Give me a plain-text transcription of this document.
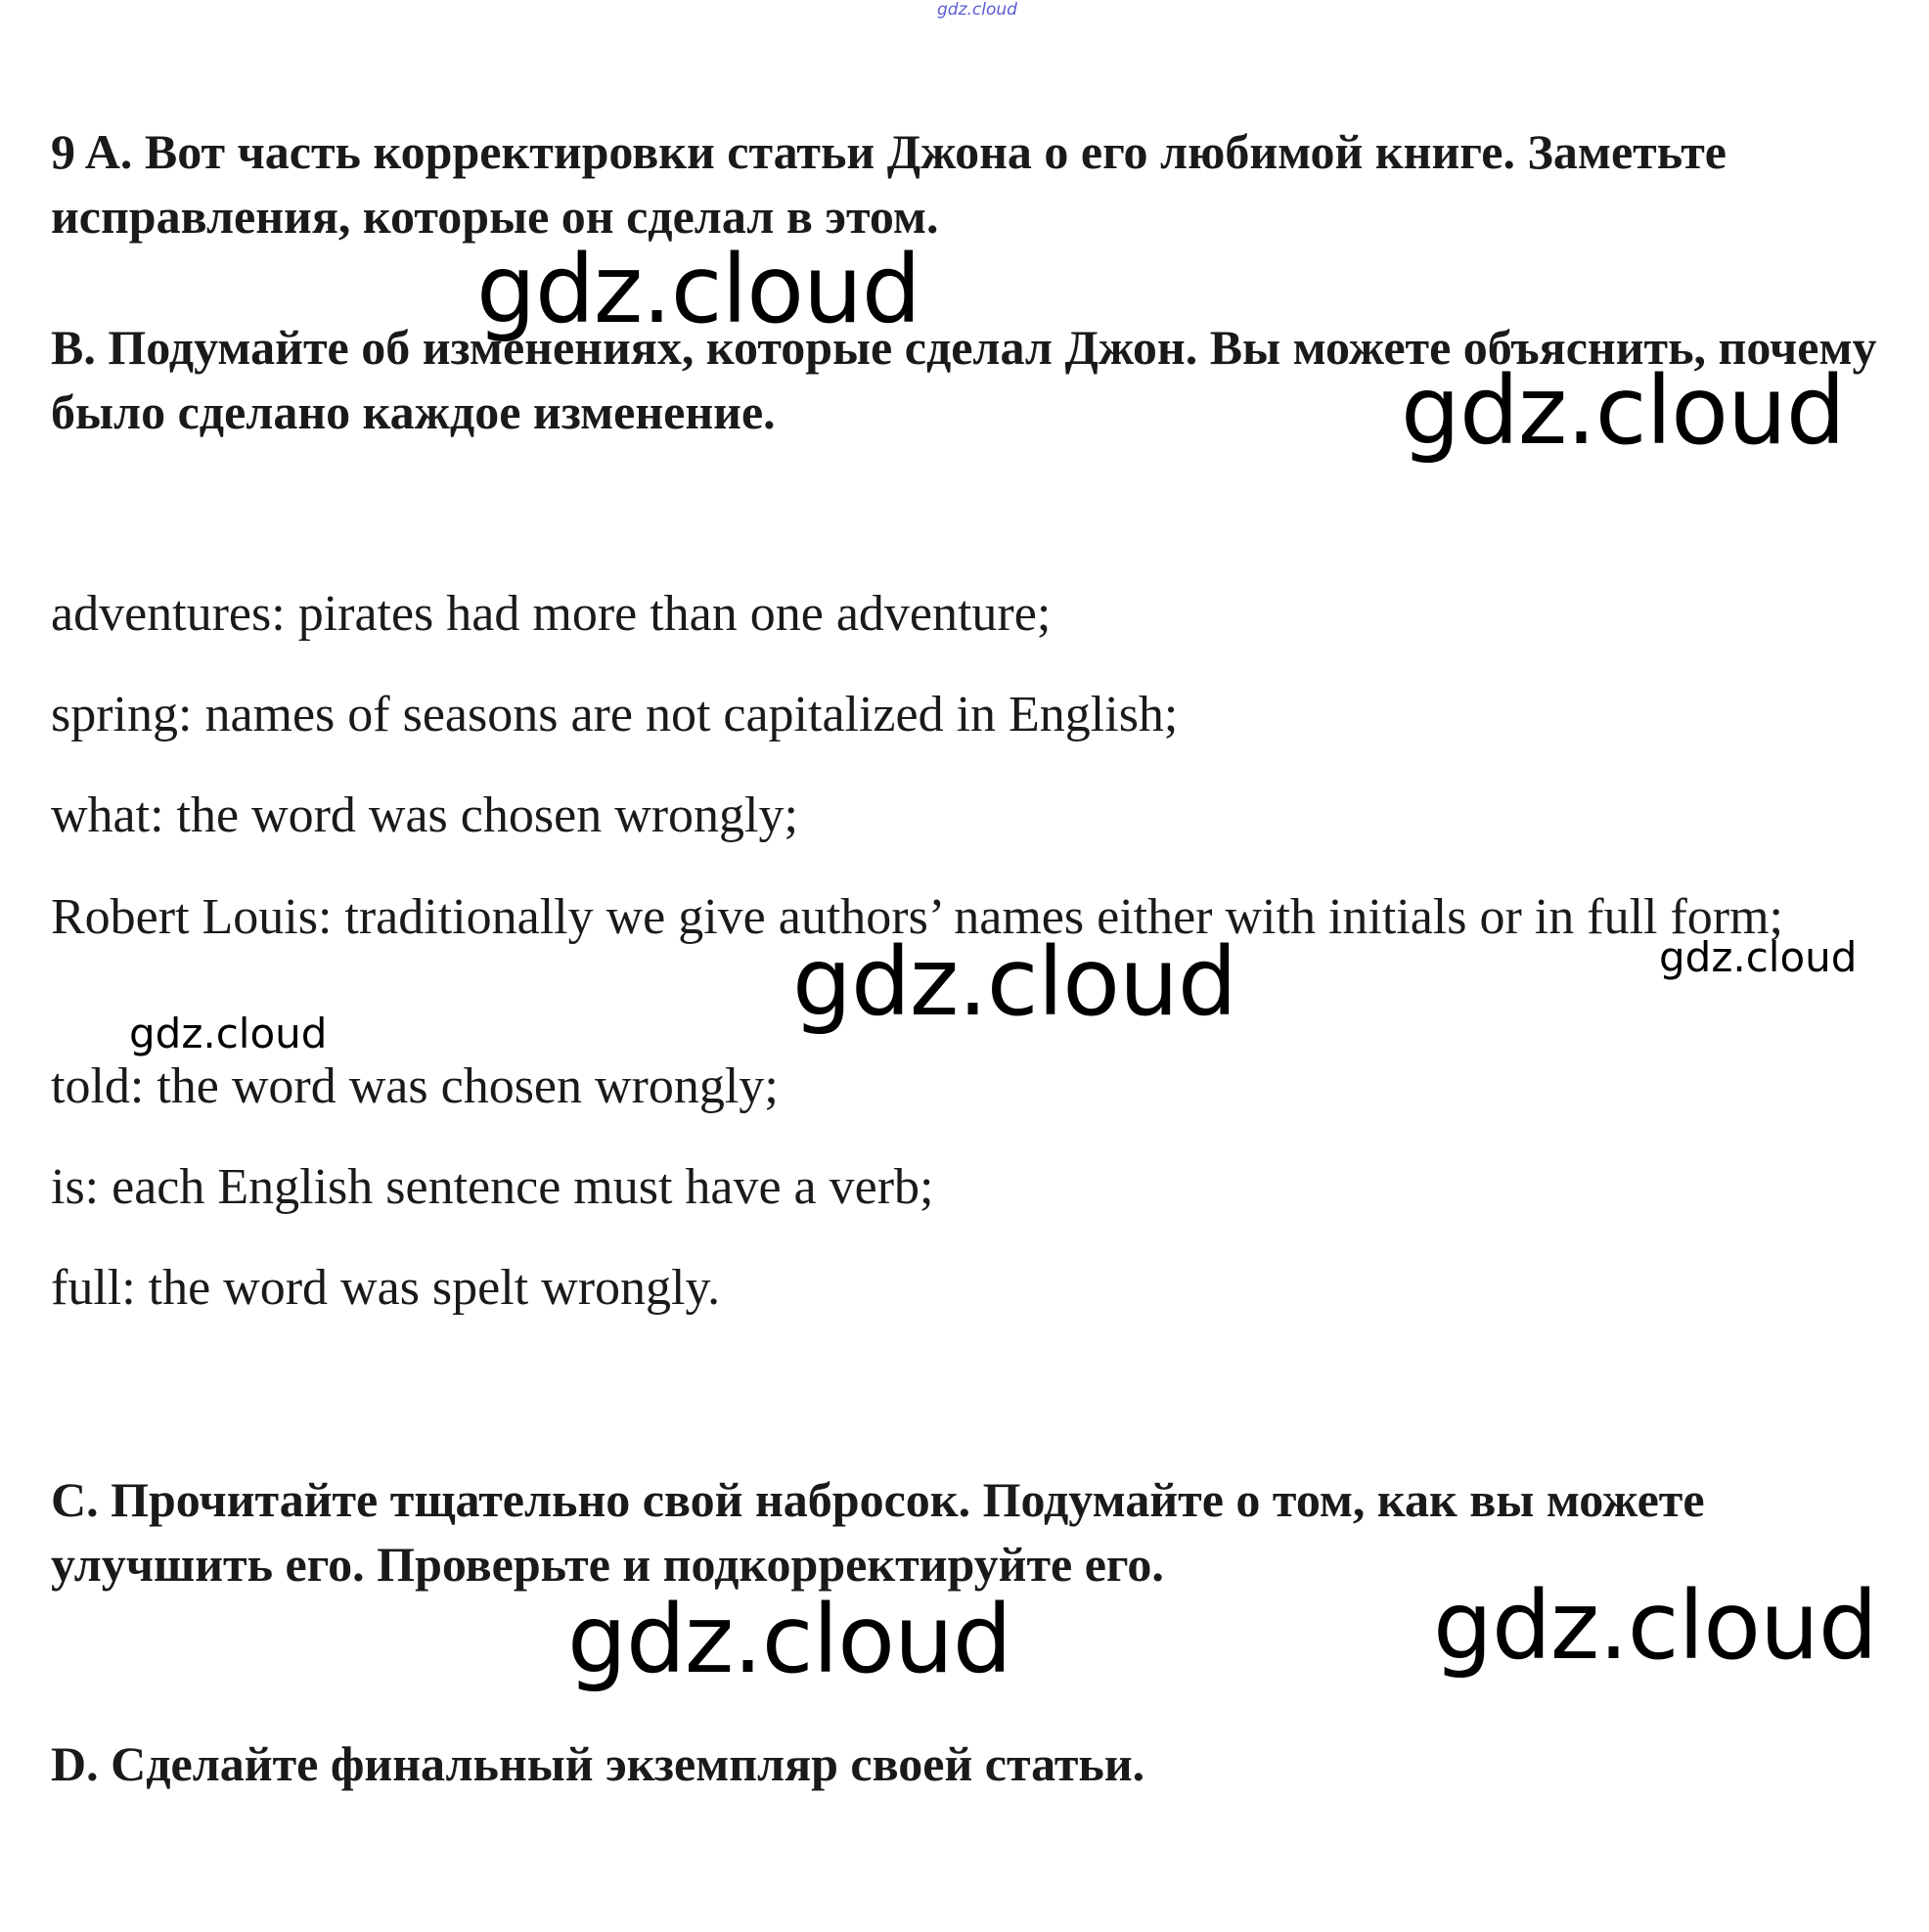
gdz.cloud

9 A. Вот часть корректировки статьи Джона о его любимой книге. Заметьте исправления, которые он сделал в этом.

B. Подумайте об изменениях, которые сделал Джон. Вы можете объяснить, почему было сделано каждое изменение.

adventures: pirates had more than one adventure;

spring: names of seasons are not capitalized in English;

what: the word was chosen wrongly;

Robert Louis: traditionally we give authors’ names either with initials or in full form;

told: the word was chosen wrongly;

is: each English sentence must have a verb;

full: the word was spelt wrongly.

C. Прочитайте тщательно свой набросок. Подумайте о том, как вы можете улучшить его. Проверьте и подкорректируйте его.

D. Сделайте финальный экземпляр своей статьи.

gdz.cloud
gdz.cloud
gdz.cloud	gdz.cloud
gdz.cloud
gdz.cloud	gdz.cloud
